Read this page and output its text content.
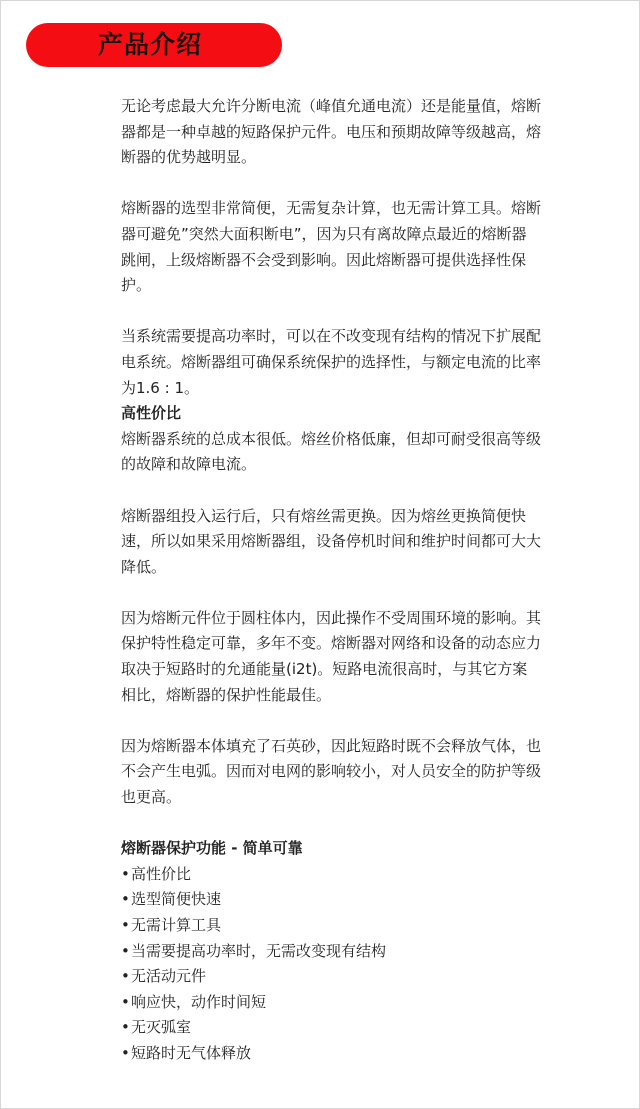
产品介绍

无论考虑最大允许分断电流（峰值允通电流）还是能量值，熔断器都是一种卓越的短路保护元件。电压和预期故障等级越高，熔断器的优势越明显。

熔断器的选型非常简便，无需复杂计算，也无需计算工具。熔断器可避免”突然大面积断电”，因为只有离故障点最近的熔断器跳闸，上级熔断器不会受到影响。因此熔断器可提供选择性保护。

当系统需要提高功率时，可以在不改变现有结构的情况下扩展配电系统。熔断器组可确保系统保护的选择性，与额定电流的比率为1.6 : 1。

高性价比

熔断器系统的总成本很低。熔丝价格低廉，但却可耐受很高等级的故障和故障电流。

熔断器组投入运行后，只有熔丝需更换。因为熔丝更换简便快速，所以如果采用熔断器组，设备停机时间和维护时间都可大大降低。

因为熔断元件位于圆柱体内，因此操作不受周围环境的影响。其保护特性稳定可靠，多年不变。熔断器对网络和设备的动态应力取决于短路时的允通能量(i2t)。短路电流很高时，与其它方案相比，熔断器的保护性能最佳。

因为熔断器本体填充了石英砂，因此短路时既不会释放气体，也不会产生电弧。因而对电网的影响较小，对人员安全的防护等级也更高。

熔断器保护功能 - 简单可靠

• 高性价比
• 选型简便快速
• 无需计算工具
• 当需要提高功率时，无需改变现有结构
• 无活动元件
• 响应快，动作时间短
• 无灭弧室
• 短路时无气体释放
